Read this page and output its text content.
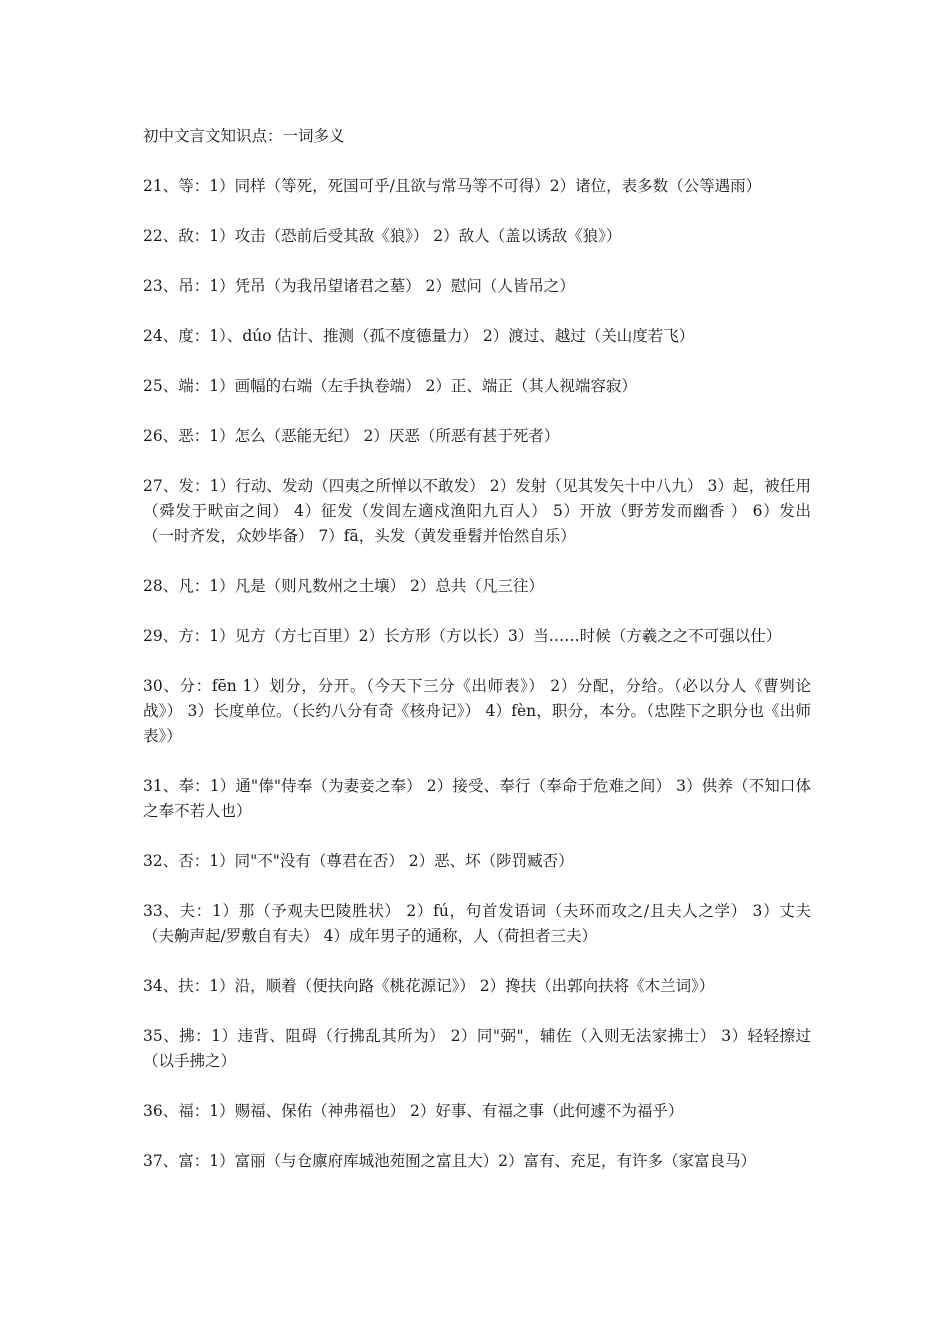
初中文言文知识点：一词多义

21、等：1）同样（等死，死国可乎/且欲与常马等不可得）2）诸位，表多数（公等遇雨）

22、敌：1）攻击（恐前后受其敌《狼》） 2）敌人（盖以诱敌《狼》）

23、吊：1）凭吊（为我吊望诸君之墓） 2）慰问（人皆吊之）

24、度：1）、dúo 估计、推测（孤不度德量力） 2）渡过、越过（关山度若飞）

25、端：1）画幅的右端（左手执卷端） 2）正、端正（其人视端容寂）

26、恶：1）怎么（恶能无纪） 2）厌恶（所恶有甚于死者）

27、发：1）行动、发动（四夷之所惮以不敢发） 2）发射（见其发矢十中八九） 3）起，被任用（舜发于畎亩之间） 4）征发（发闾左適戍渔阳九百人） 5）开放（野芳发而幽香 ） 6）发出（一时齐发，众妙毕备） 7）fā，头发（黄发垂髫并怡然自乐）

28、凡：1）凡是（则凡数州之土壤） 2）总共（凡三往）

29、方：1）见方（方七百里）2）长方形（方以长）3）当……时候（方羲之之不可强以仕）

30、分：fēn 1）划分，分开。（今天下三分《出师表》） 2）分配，分给。（必以分人《曹刿论战》） 3）长度单位。（长约八分有奇《核舟记》） 4）fèn，职分，本分。（忠陛下之职分也《出师表》）

31、奉：1）通"俸"侍奉（为妻妾之奉） 2）接受、奉行（奉命于危难之间） 3）供养（不知口体之奉不若人也）

32、否：1）同"不"没有（尊君在否） 2）恶、坏（陟罚臧否）

33、夫：1）那（予观夫巴陵胜状） 2）fú，句首发语词（夫环而攻之/且夫人之学） 3）丈夫（夫齁声起/罗敷自有夫） 4）成年男子的通称，人（荷担者三夫）

34、扶：1）沿，顺着（便扶向路《桃花源记》） 2）搀扶（出郭向扶将《木兰词》）

35、拂：1）违背、阻碍（行拂乱其所为） 2）同"弼"，辅佐（入则无法家拂士） 3）轻轻擦过（以手拂之）

36、福：1）赐福、保佑（神弗福也） 2）好事、有福之事（此何遽不为福乎）

37、富：1）富丽（与仓廪府库城池苑囿之富且大）2）富有、充足，有许多（家富良马）
